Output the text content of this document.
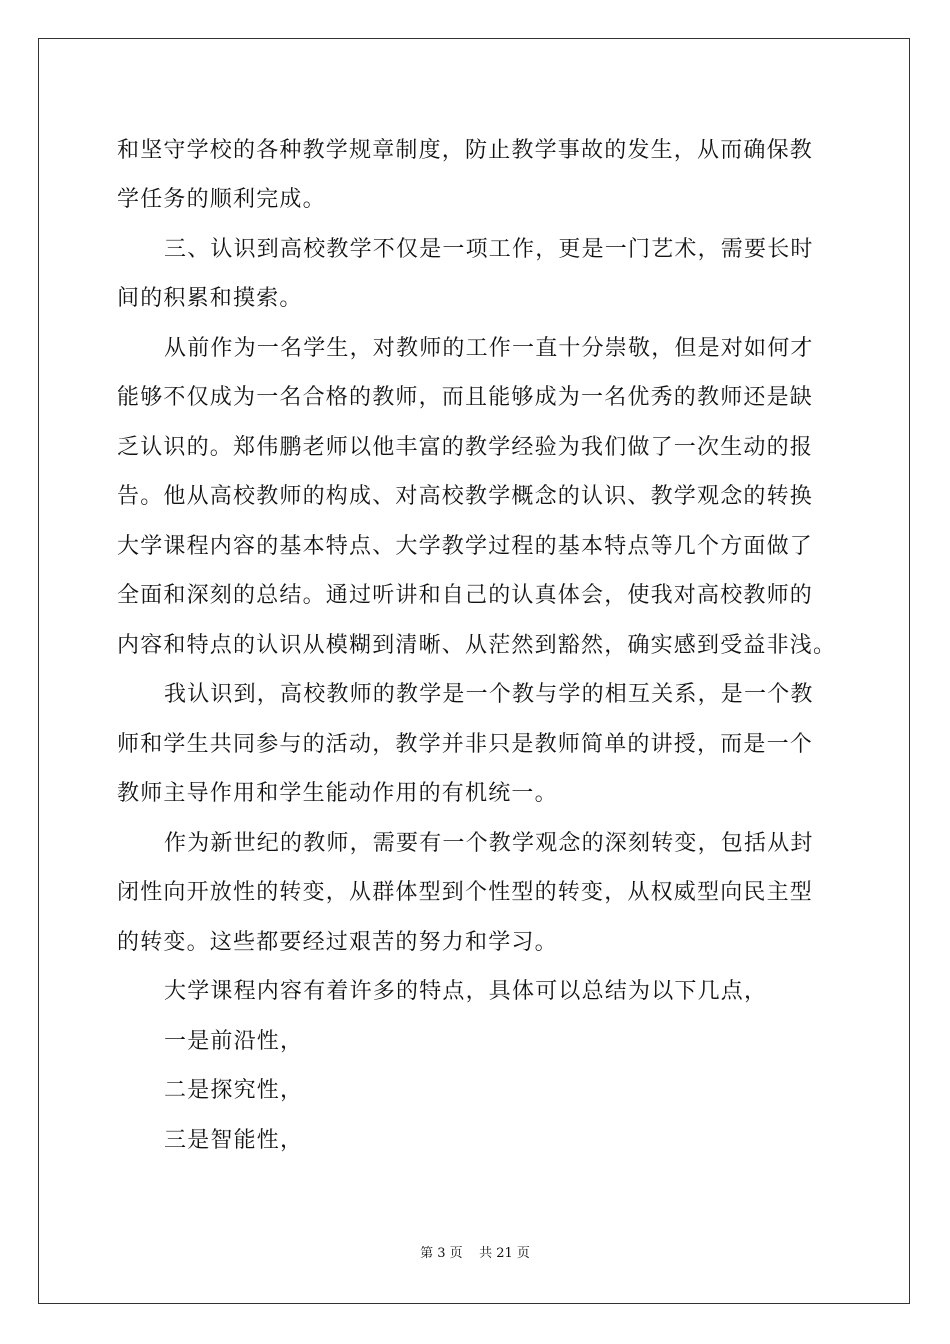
和坚守学校的各种教学规章制度，防止教学事故的发生，从而确保教
学任务的顺利完成。
三、认识到高校教学不仅是一项工作，更是一门艺术，需要长时
间的积累和摸索。
从前作为一名学生，对教师的工作一直十分崇敬，但是对如何才
能够不仅成为一名合格的教师，而且能够成为一名优秀的教师还是缺
乏认识的。郑伟鹏老师以他丰富的教学经验为我们做了一次生动的报
告。他从高校教师的构成、对高校教学概念的认识、教学观念的转换
大学课程内容的基本特点、大学教学过程的基本特点等几个方面做了
全面和深刻的总结。通过听讲和自己的认真体会，使我对高校教师的
内容和特点的认识从模糊到清晰、从茫然到豁然，确实感到受益非浅。
我认识到，高校教师的教学是一个教与学的相互关系，是一个教
师和学生共同参与的活动，教学并非只是教师简单的讲授，而是一个
教师主导作用和学生能动作用的有机统一。
作为新世纪的教师，需要有一个教学观念的深刻转变，包括从封
闭性向开放性的转变，从群体型到个性型的转变，从权威型向民主型
的转变。这些都要经过艰苦的努力和学习。
大学课程内容有着许多的特点，具体可以总结为以下几点，
一是前沿性，
二是探究性，
三是智能性，
第 3 页    共 21 页
